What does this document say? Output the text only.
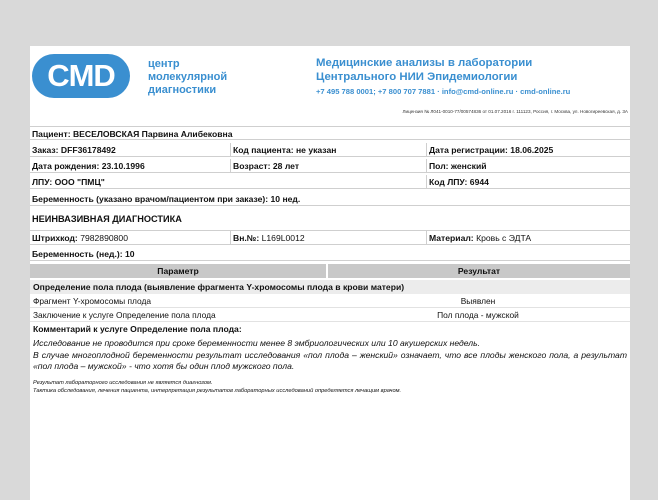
CMD	центр
молекулярной
диагностики
Медицинские анализы в лаборатории
Центрального НИИ Эпидемиологии
+7 495 788 0001; +7 800 707 7881 · info@cmd-online.ru · cmd-online.ru
Лицензия № Л041-0010-77/00574836 от 01.07.2016 г. 111123, Россия, г. Москва, ул. Новогиреевская, д. 3А
Пациент: ВЕСЕЛОВСКАЯ Парвина Алибековна
Заказ: DFF36178492	Код пациента: не указан	Дата регистрации: 18.06.2025
Дата рождения: 23.10.1996	Возраст: 28 лет	Пол: женский
ЛПУ: ООО "ПМЦ"	Код ЛПУ: 6944
Беременность (указано врачом/пациентом при заказе): 10 нед.
НЕИНВАЗИВНАЯ ДИАГНОСТИКА
Штрихкод: 7982890800	Вн.№: L169L0012	Материал: Кровь с ЭДТА
Беременность (нед.): 10
Параметр	Результат
Определение пола плода (выявление фрагмента Y-хромосомы плода в крови матери)
Фрагмент Y-хромосомы плода	Выявлен
Заключение к услуге Определение пола плода	Пол плода - мужской
Комментарий к услуге Определение пола плода:

Исследование не проводится при сроке беременности менее 8 эмбриологических или 10 акушерских недель.

В случае многоплодной беременности результат исследования «пол плода – женский» означает, что все плоды женского пола, а результат «пол плода – мужской» - что хотя бы один плод мужского пола.

Результат лабораторного исследования не является диагнозом.

Тактика обследования, лечения пациента, интерпретация результатов лабораторных исследований определяется лечащим врачом.
